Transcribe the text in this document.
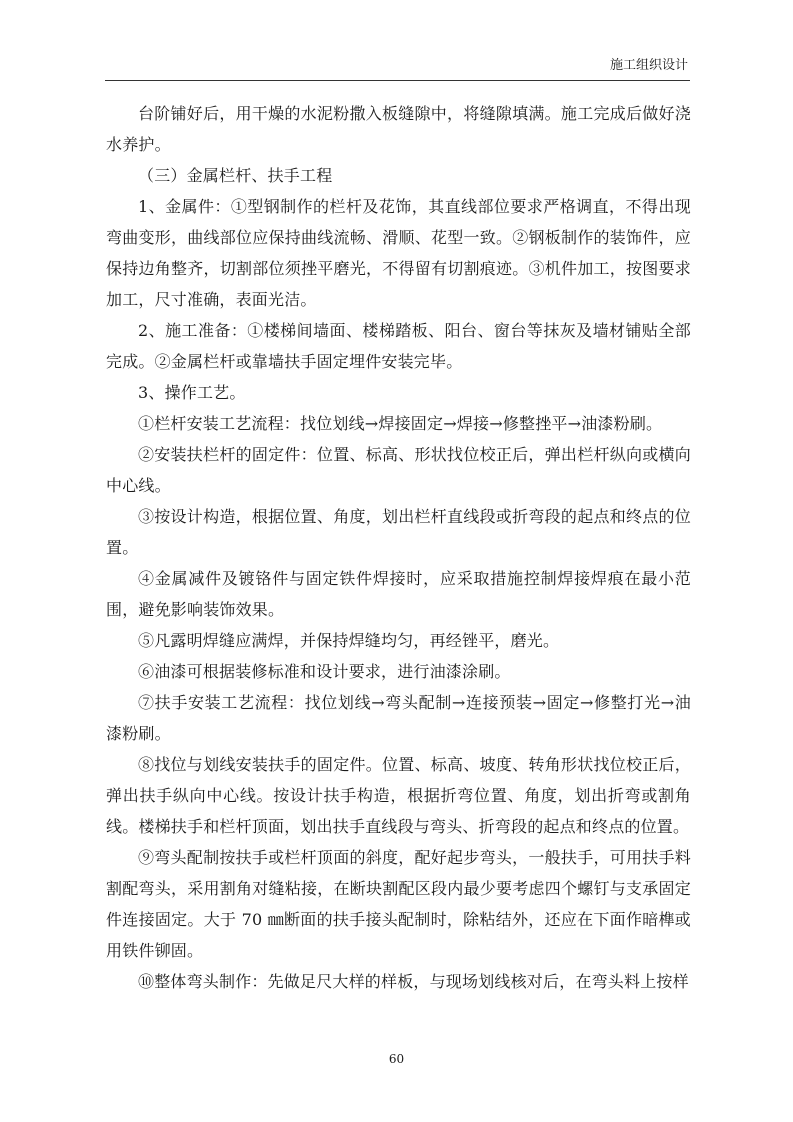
施工组织设计

台阶铺好后，用干燥的水泥粉撒入板缝隙中，将缝隙填满。施工完成后做好浇水养护。

（三）金属栏杆、扶手工程

1、金属件：①型钢制作的栏杆及花饰，其直线部位要求严格调直，不得出现弯曲变形，曲线部位应保持曲线流畅、滑顺、花型一致。②钢板制作的装饰件，应保持边角整齐，切割部位须挫平磨光，不得留有切割痕迹。③机件加工，按图要求加工，尺寸准确，表面光洁。

2、施工准备：①楼梯间墙面、楼梯踏板、阳台、窗台等抹灰及墙材铺贴全部完成。②金属栏杆或靠墙扶手固定埋件安装完毕。

3、操作工艺。

①栏杆安装工艺流程：找位划线→焊接固定→焊接→修整挫平→油漆粉刷。

②安装扶栏杆的固定件：位置、标高、形状找位校正后，弹出栏杆纵向或横向中心线。

③按设计构造，根据位置、角度，划出栏杆直线段或折弯段的起点和终点的位置。

④金属减件及镀铬件与固定铁件焊接时，应采取措施控制焊接焊痕在最小范围，避免影响装饰效果。

⑤凡露明焊缝应满焊，并保持焊缝均匀，再经锉平，磨光。

⑥油漆可根据装修标准和设计要求，进行油漆涂刷。

⑦扶手安装工艺流程：找位划线→弯头配制→连接预装→固定→修整打光→油漆粉刷。

⑧找位与划线安装扶手的固定件。位置、标高、坡度、转角形状找位校正后，弹出扶手纵向中心线。按设计扶手构造，根据折弯位置、角度，划出折弯或割角线。楼梯扶手和栏杆顶面，划出扶手直线段与弯头、折弯段的起点和终点的位置。

⑨弯头配制按扶手或栏杆顶面的斜度，配好起步弯头，一般扶手，可用扶手料割配弯头，采用割角对缝粘接，在断块割配区段内最少要考虑四个螺钉与支承固定件连接固定。大于 70 ㎜断面的扶手接头配制时，除粘结外，还应在下面作暗榫或用铁件铆固。

⑩整体弯头制作：先做足尺大样的样板，与现场划线核对后，在弯头料上按样

60
